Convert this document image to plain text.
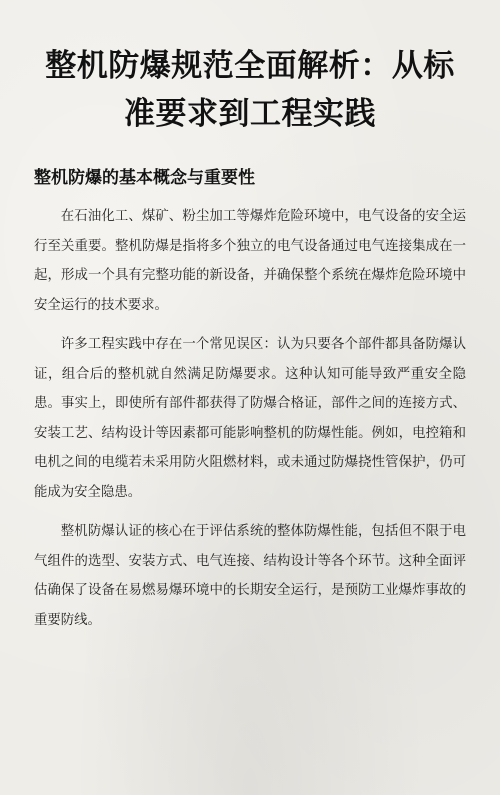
整机防爆规范全面解析：从标准要求到工程实践
整机防爆的基本概念与重要性

在石油化工、煤矿、粉尘加工等爆炸危险环境中，电气设备的安全运行至关重要。整机防爆是指将多个独立的电气设备通过电气连接集成在一起，形成一个具有完整功能的新设备，并确保整个系统在爆炸危险环境中安全运行的技术要求。

许多工程实践中存在一个常见误区：认为只要各个部件都具备防爆认证，组合后的整机就自然满足防爆要求。这种认知可能导致严重安全隐患。事实上，即使所有部件都获得了防爆合格证，部件之间的连接方式、安装工艺、结构设计等因素都可能影响整机的防爆性能。例如，电控箱和电机之间的电缆若未采用防火阻燃材料，或未通过防爆挠性管保护，仍可能成为安全隐患。

整机防爆认证的核心在于评估系统的整体防爆性能，包括但不限于电气组件的选型、安装方式、电气连接、结构设计等各个环节。这种全面评估确保了设备在易燃易爆环境中的长期安全运行，是预防工业爆炸事故的重要防线。
